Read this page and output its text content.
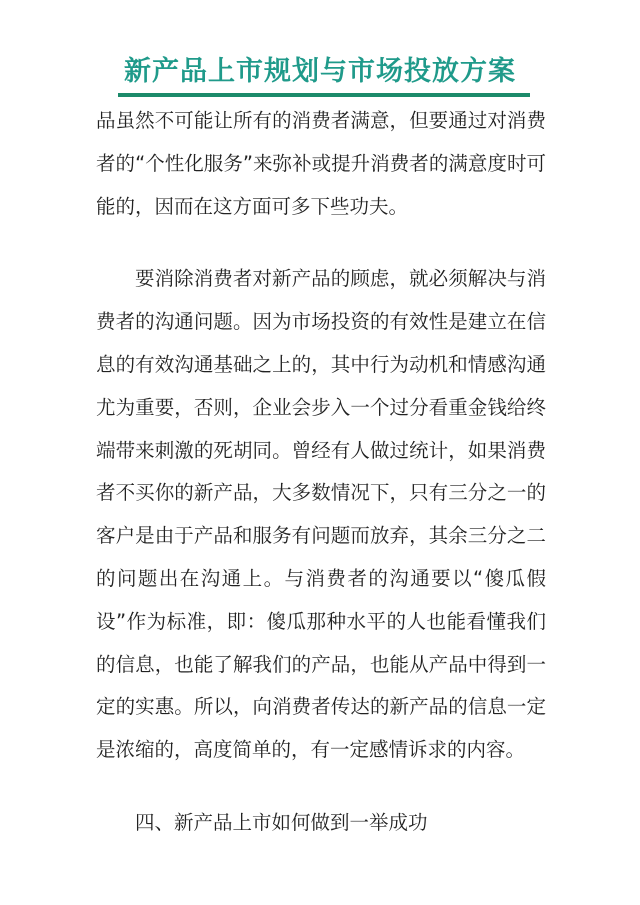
新产品上市规划与市场投放方案

品虽然不可能让所有的消费者满意，但要通过对消费者的“个性化服务”来弥补或提升消费者的满意度时可能的，因而在这方面可多下些功夫。

要消除消费者对新产品的顾虑，就必须解决与消费者的沟通问题。因为市场投资的有效性是建立在信息的有效沟通基础之上的，其中行为动机和情感沟通尤为重要，否则，企业会步入一个过分看重金钱给终端带来刺激的死胡同。曾经有人做过统计，如果消费者不买你的新产品，大多数情况下，只有三分之一的客户是由于产品和服务有问题而放弃，其余三分之二的问题出在沟通上。与消费者的沟通要以“傻瓜假设”作为标准，即：傻瓜那种水平的人也能看懂我们的信息，也能了解我们的产品，也能从产品中得到一定的实惠。所以，向消费者传达的新产品的信息一定是浓缩的，高度简单的，有一定感情诉求的内容。

四、新产品上市如何做到一举成功
